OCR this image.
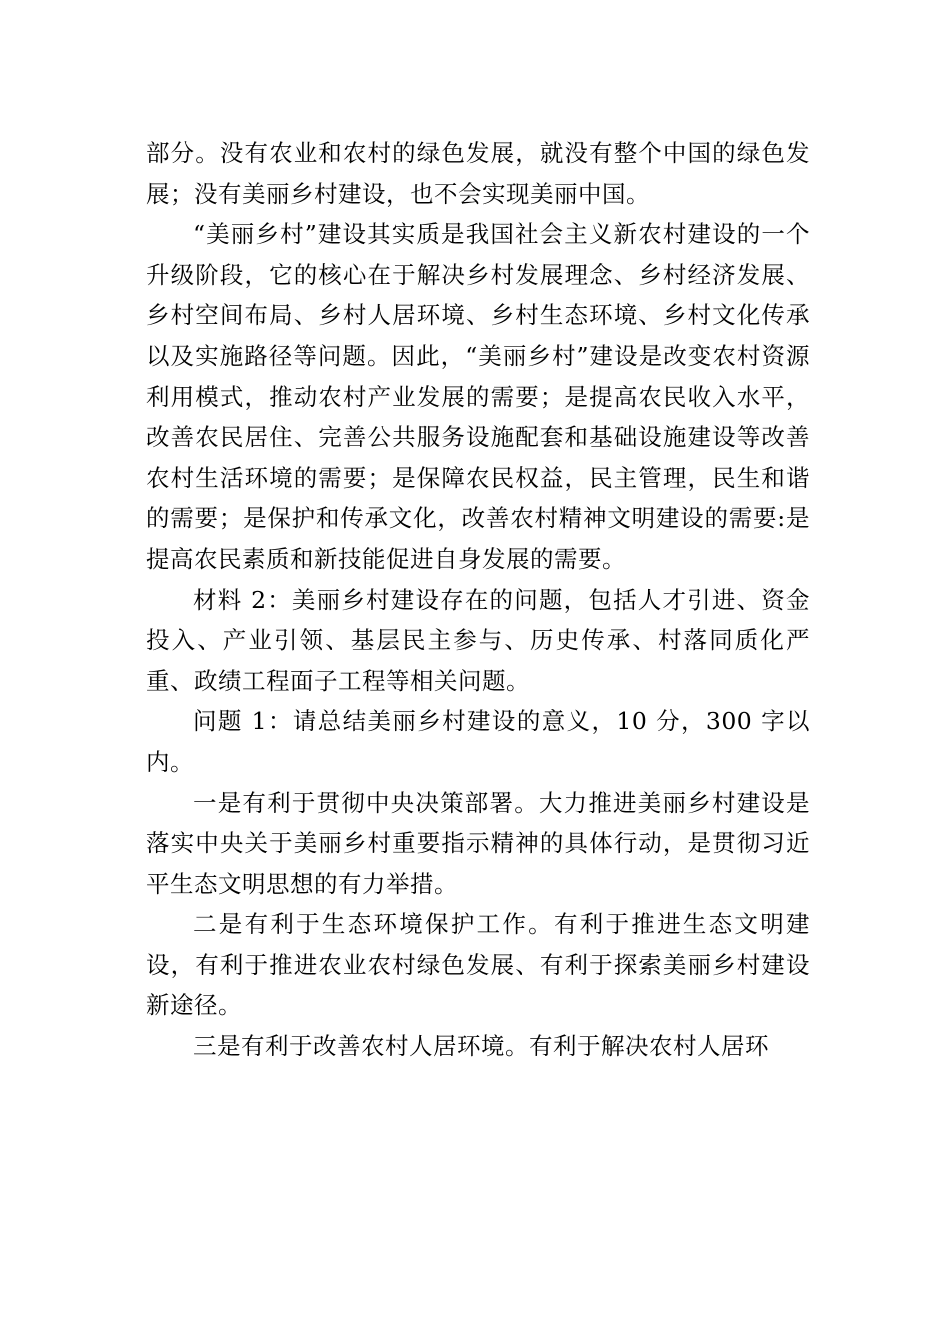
部分。没有农业和农村的绿色发展，就没有整个中国的绿色发展；没有美丽乡村建设，也不会实现美丽中国。

“美丽乡村”建设其实质是我国社会主义新农村建设的一个升级阶段，它的核心在于解决乡村发展理念、乡村经济发展、乡村空间布局、乡村人居环境、乡村生态环境、乡村文化传承以及实施路径等问题。因此，“美丽乡村”建设是改变农村资源利用模式，推动农村产业发展的需要；是提高农民收入水平，改善农民居住、完善公共服务设施配套和基础设施建设等改善农村生活环境的需要；是保障农民权益，民主管理，民生和谐的需要；是保护和传承文化，改善农村精神文明建设的需要:是提高农民素质和新技能促进自身发展的需要。

材料 2：美丽乡村建设存在的问题，包括人才引进、资金投入、产业引领、基层民主参与、历史传承、村落同质化严重、政绩工程面子工程等相关问题。

问题 1：请总结美丽乡村建设的意义，10 分，300 字以内。

一是有利于贯彻中央决策部署。大力推进美丽乡村建设是落实中央关于美丽乡村重要指示精神的具体行动，是贯彻习近平生态文明思想的有力举措。

二是有利于生态环境保护工作。有利于推进生态文明建设，有利于推进农业农村绿色发展、有利于探索美丽乡村建设新途径。

三是有利于改善农村人居环境。有利于解决农村人居环
